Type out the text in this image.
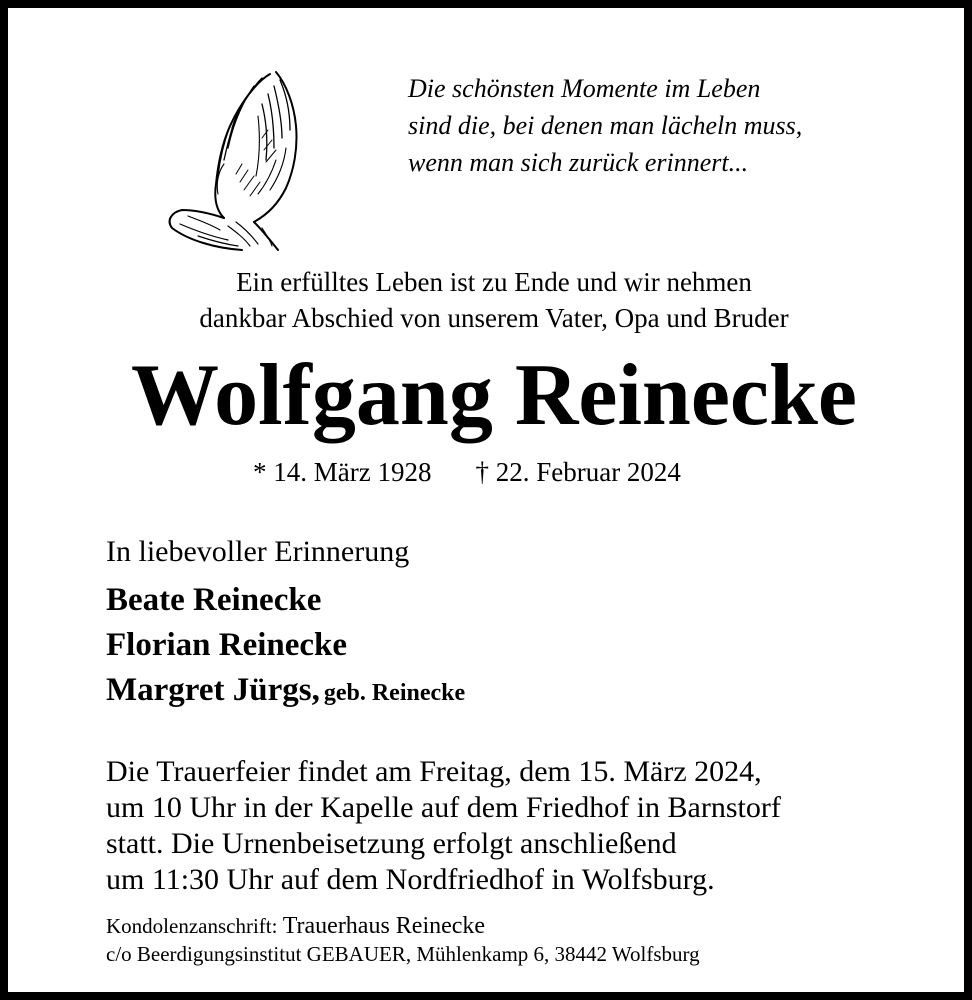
Die schönsten Momente im Leben
sind die, bei denen man lächeln muss,
wenn man sich zurück erinnert...
Ein erfülltes Leben ist zu Ende und wir nehmen
dankbar Abschied von unserem Vater, Opa und Bruder
Wolfgang Reinecke
* 14. März 1928 † 22. Februar 2024
In liebevoller Erinnerung
Beate Reinecke
Florian Reinecke
Margret Jürgs, geb. Reinecke
Die Trauerfeier findet am Freitag, dem 15. März 2024,
um 10 Uhr in der Kapelle auf dem Friedhof in Barnstorf
statt. Die Urnenbeisetzung erfolgt anschließend
um 11:30 Uhr auf dem Nordfriedhof in Wolfsburg.
Kondolenzanschrift: Trauerhaus Reinecke
c/o Beerdigungsinstitut GEBAUER, Mühlenkamp 6, 38442 Wolfsburg
